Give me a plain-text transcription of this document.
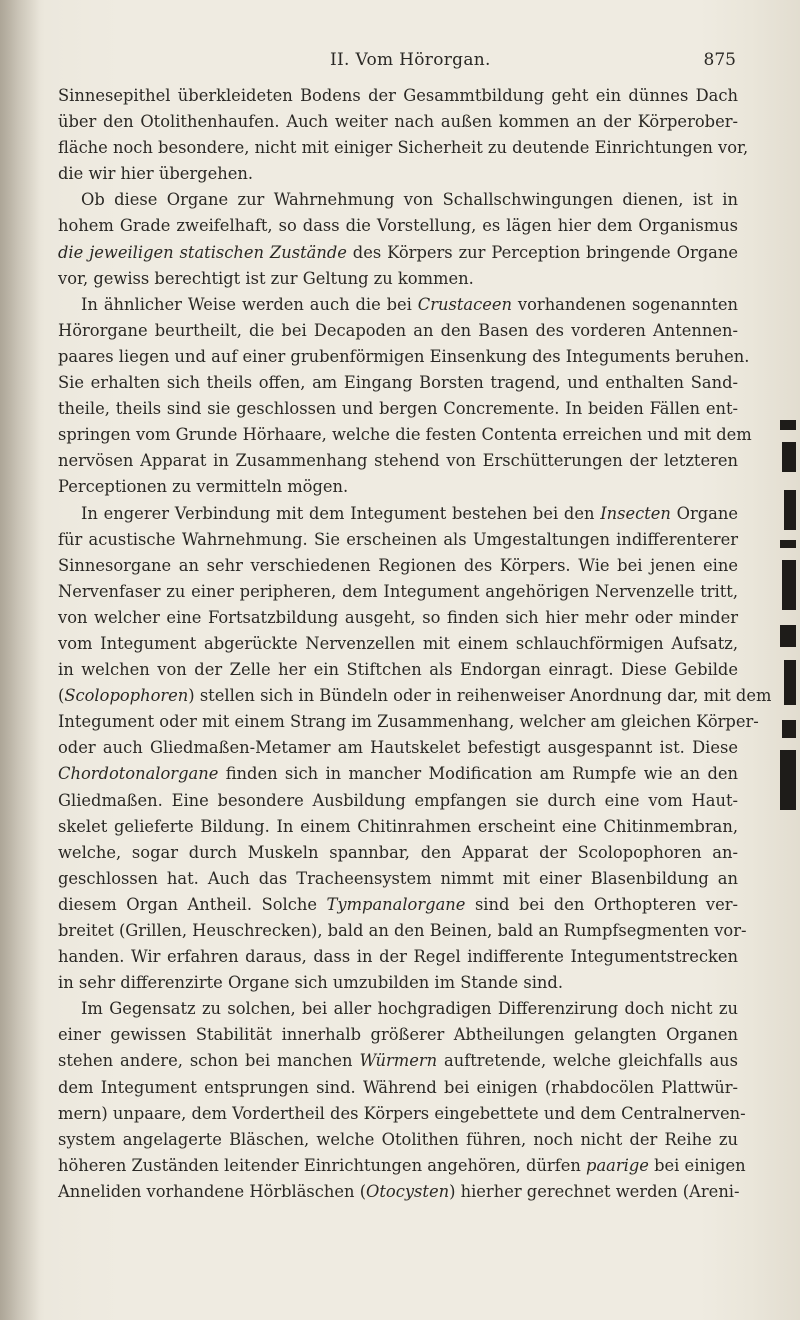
II. Vom Hörorgan.	875
Sinnesepithel überkleideten Bodens der Gesammtbildung geht ein dünnes Dach
über den Otolithenhaufen. Auch weiter nach außen kommen an der Körperober-
fläche noch besondere, nicht mit einiger Sicherheit zu deutende Einrichtungen vor,
die wir hier übergehen.
Ob diese Organe zur Wahrnehmung von Schallschwingungen dienen, ist in
hohem Grade zweifelhaft, so dass die Vorstellung, es lägen hier dem Organismus
die jeweiligen statischen Zustände des Körpers zur Perception bringende Organe
vor, gewiss berechtigt ist zur Geltung zu kommen.
In ähnlicher Weise werden auch die bei Crustaceen vorhandenen sogenannten
Hörorgane beurtheilt, die bei Decapoden an den Basen des vorderen Antennen-
paares liegen und auf einer grubenförmigen Einsenkung des Integuments beruhen.
Sie erhalten sich theils offen, am Eingang Borsten tragend, und enthalten Sand-
theile, theils sind sie geschlossen und bergen Concremente. In beiden Fällen ent-
springen vom Grunde Hörhaare, welche die festen Contenta erreichen und mit dem
nervösen Apparat in Zusammenhang stehend von Erschütterungen der letzteren
Perceptionen zu vermitteln mögen.
In engerer Verbindung mit dem Integument bestehen bei den Insecten Organe
für acustische Wahrnehmung. Sie erscheinen als Umgestaltungen indifferenterer
Sinnesorgane an sehr verschiedenen Regionen des Körpers. Wie bei jenen eine
Nervenfaser zu einer peripheren, dem Integument angehörigen Nervenzelle tritt,
von welcher eine Fortsatzbildung ausgeht, so finden sich hier mehr oder minder
vom Integument abgerückte Nervenzellen mit einem schlauchförmigen Aufsatz,
in welchen von der Zelle her ein Stiftchen als Endorgan einragt. Diese Gebilde
(Scolopophoren) stellen sich in Bündeln oder in reihenweiser Anordnung dar, mit dem
Integument oder mit einem Strang im Zusammenhang, welcher am gleichen Körper-
oder auch Gliedmaßen-Metamer am Hautskelet befestigt ausgespannt ist. Diese
Chordotonalorgane finden sich in mancher Modification am Rumpfe wie an den
Gliedmaßen. Eine besondere Ausbildung empfangen sie durch eine vom Haut-
skelet gelieferte Bildung. In einem Chitinrahmen erscheint eine Chitinmembran,
welche, sogar durch Muskeln spannbar, den Apparat der Scolopophoren an-
geschlossen hat. Auch das Tracheensystem nimmt mit einer Blasenbildung an
diesem Organ Antheil. Solche Tympanalorgane sind bei den Orthopteren ver-
breitet (Grillen, Heuschrecken), bald an den Beinen, bald an Rumpfsegmenten vor-
handen. Wir erfahren daraus, dass in der Regel indifferente Integumentstrecken
in sehr differenzirte Organe sich umzubilden im Stande sind.
Im Gegensatz zu solchen, bei aller hochgradigen Differenzirung doch nicht zu
einer gewissen Stabilität innerhalb größerer Abtheilungen gelangten Organen
stehen andere, schon bei manchen Würmern auftretende, welche gleichfalls aus
dem Integument entsprungen sind. Während bei einigen (rhabdocölen Plattwür-
mern) unpaare, dem Vordertheil des Körpers eingebettete und dem Centralnerven-
system angelagerte Bläschen, welche Otolithen führen, noch nicht der Reihe zu
höheren Zuständen leitender Einrichtungen angehören, dürfen paarige bei einigen
Anneliden vorhandene Hörbläschen (Otocysten) hierher gerechnet werden (Areni-
